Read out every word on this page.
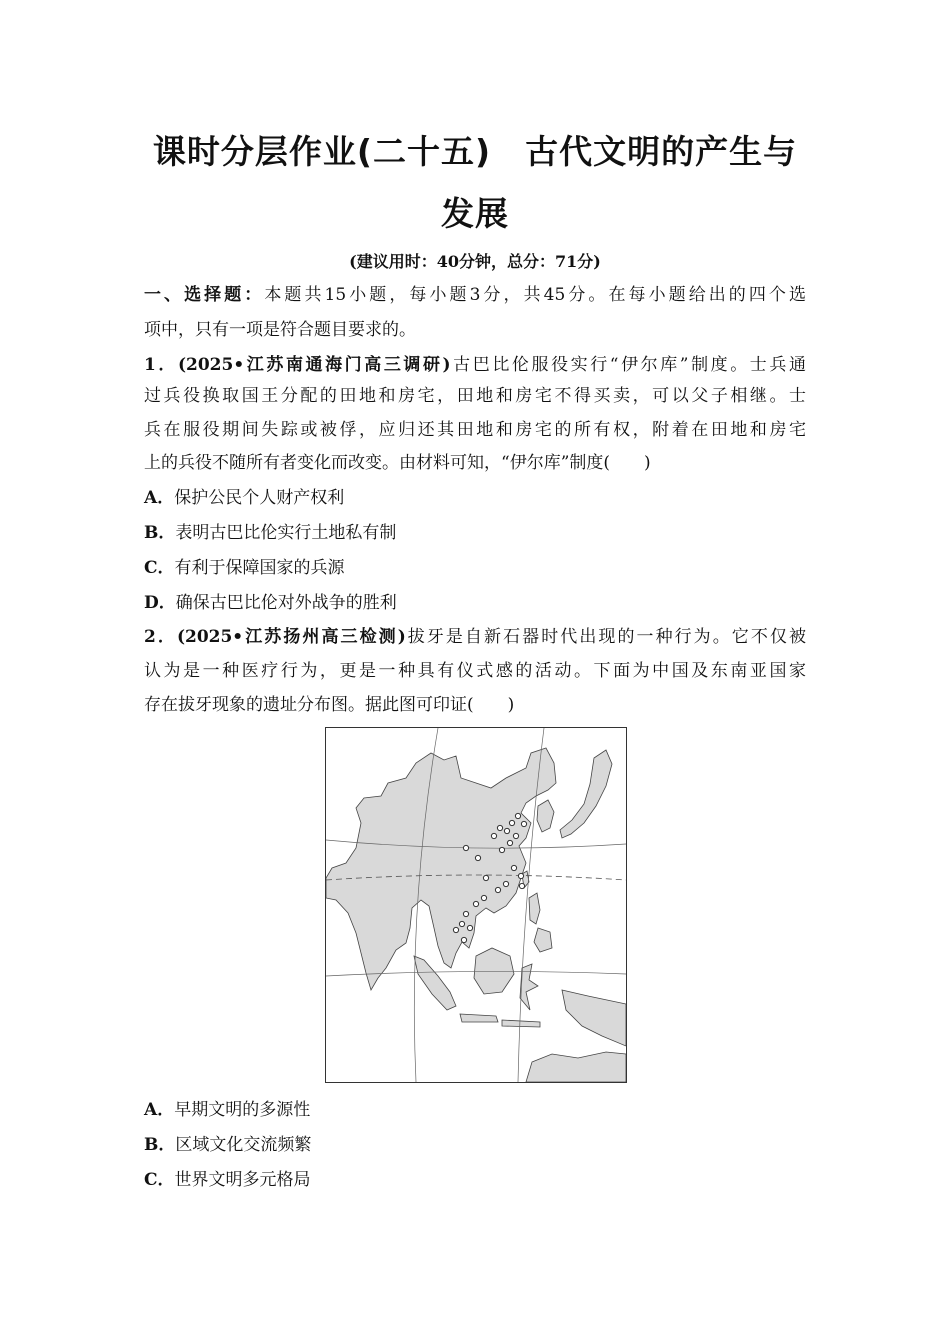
课时分层作业(二十五)　古代文明的产生与
发展
(建议用时：40分钟，总分：71分)
一、选择题：本题共15小题，每小题3分，共45分。在每小题给出的四个选
项中，只有一项是符合题目要求的。
1．(2025•江苏南通海门高三调研)古巴比伦服役实行“伊尔库”制度。士兵通
过兵役换取国王分配的田地和房宅，田地和房宅不得买卖，可以父子相继。士
兵在服役期间失踪或被俘，应归还其田地和房宅的所有权，附着在田地和房宅
上的兵役不随所有者变化而改变。由材料可知，“伊尔库”制度(　　)
A．保护公民个人财产权利
B．表明古巴比伦实行土地私有制
C．有利于保障国家的兵源
D．确保古巴比伦对外战争的胜利
2．(2025•江苏扬州高三检测)拔牙是自新石器时代出现的一种行为。它不仅被
认为是一种医疗行为，更是一种具有仪式感的活动。下面为中国及东南亚国家
存在拔牙现象的遗址分布图。据此图可印证(　　)
A．早期文明的多源性
B．区域文化交流频繁
C．世界文明多元格局
